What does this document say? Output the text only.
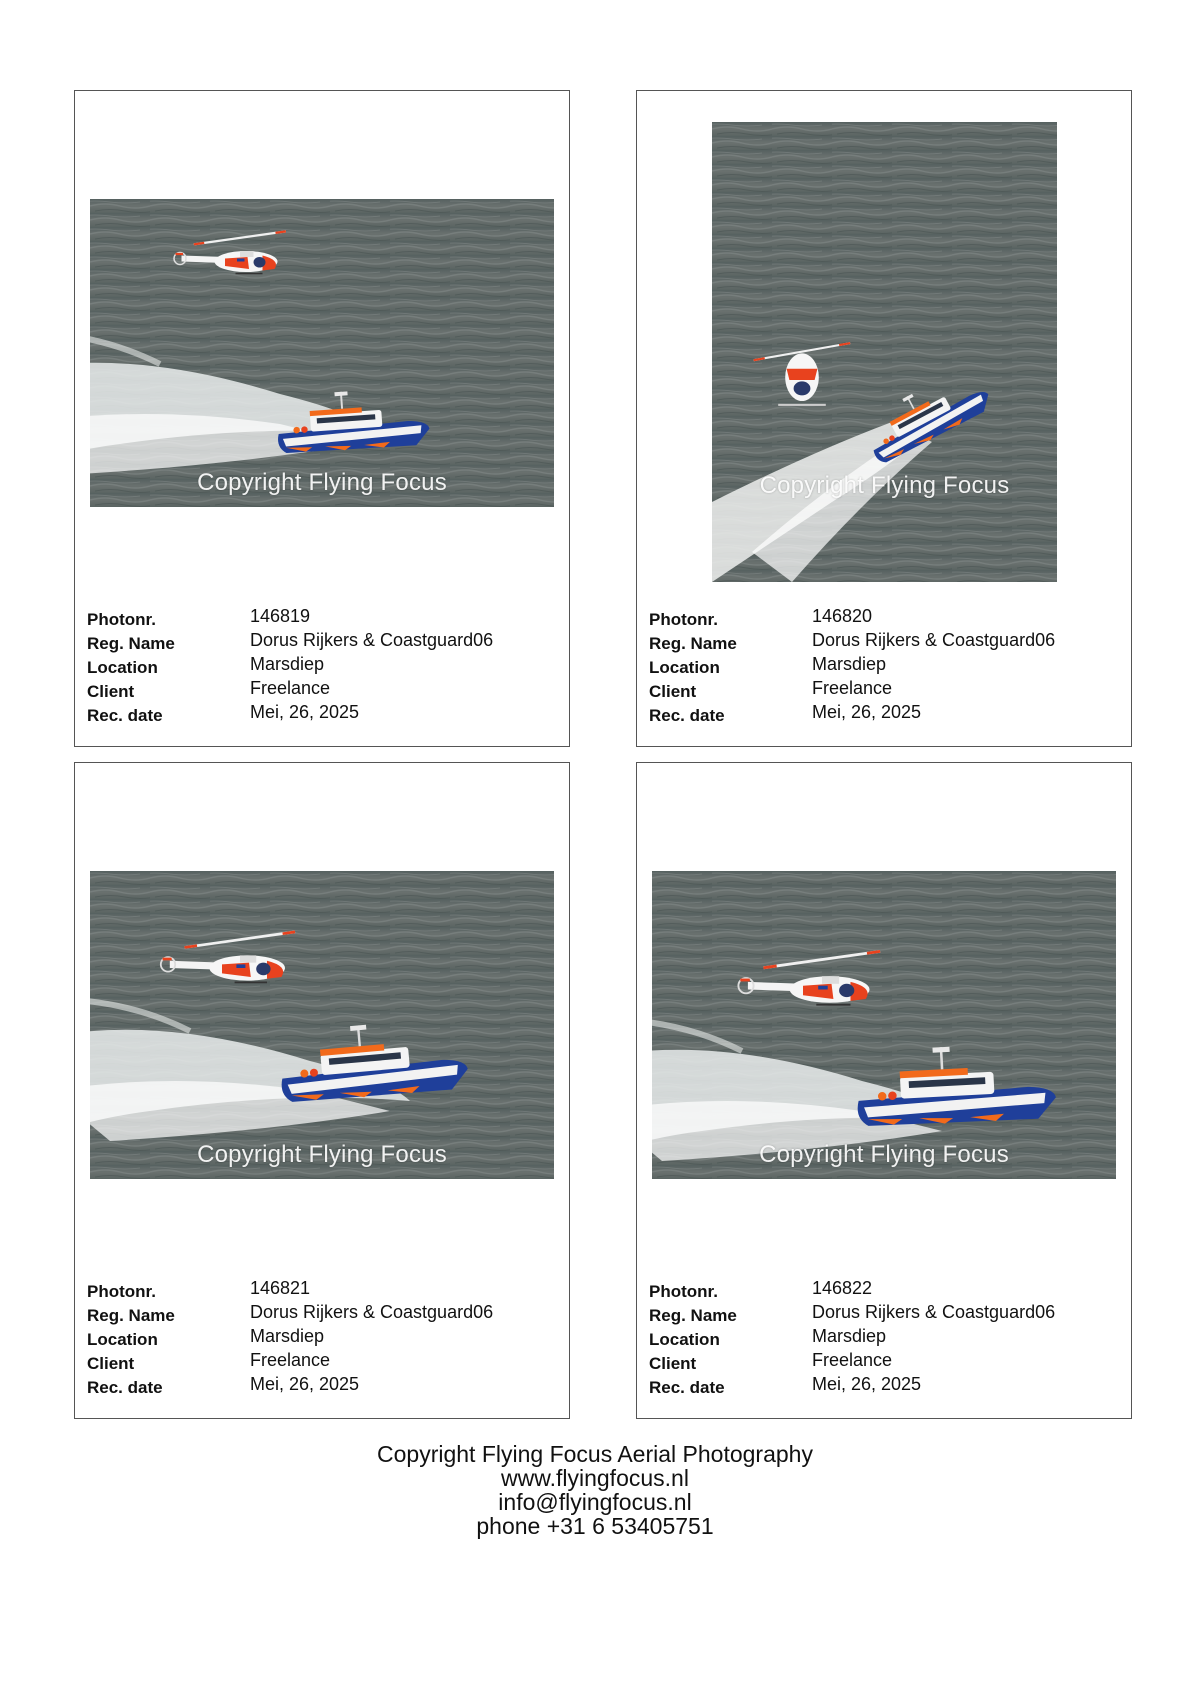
Copyright Flying Focus
Photonr.	146819
Reg. Name	Dorus Rijkers & Coastguard06
Location	Marsdiep
Client	Freelance
Rec. date	Mei, 26, 2025
Copyright Flying Focus
Photonr.	146820
Reg. Name	Dorus Rijkers & Coastguard06
Location	Marsdiep
Client	Freelance
Rec. date	Mei, 26, 2025
Copyright Flying Focus
Photonr.	146821
Reg. Name	Dorus Rijkers & Coastguard06
Location	Marsdiep
Client	Freelance
Rec. date	Mei, 26, 2025
Copyright Flying Focus
Photonr.	146822
Reg. Name	Dorus Rijkers & Coastguard06
Location	Marsdiep
Client	Freelance
Rec. date	Mei, 26, 2025
Copyright Flying Focus Aerial Photography
www.flyingfocus.nl
info@flyingfocus.nl
phone +31 6 53405751
